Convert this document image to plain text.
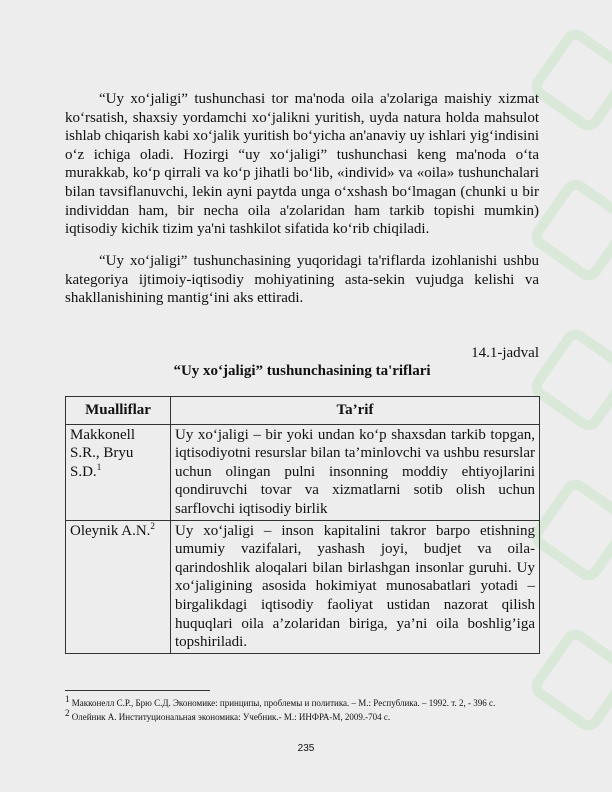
“Uy xo‘jaligi” tushunchasi tor ma'noda oila a'zolariga maishiy xizmat ko‘rsatish, shaxsiy yordamchi xo‘jalikni yuritish, uyda natura holda mahsulot ishlab chiqarish kabi xo‘jalik yuritish bo‘yicha an'anaviy uy ishlari yig‘indisini o‘z ichiga oladi. Hozirgi “uy xo‘jaligi” tushunchasi keng ma'noda o‘ta murakkab, ko‘p qirrali va ko‘p jihatli bo‘lib, «individ» va «oila» tushunchalari bilan tavsiflanuvchi, lekin ayni paytda unga o‘xshash bo‘lmagan (chunki u bir individdan ham, bir necha oila a'zolaridan ham tarkib topishi mumkin) iqtisodiy kichik tizim ya'ni tashkilot sifatida ko‘rib chiqiladi.

“Uy xo‘jaligi” tushunchasining yuqoridagi ta'riflarda izohlanishi ushbu kategoriya ijtimoiy-iqtisodiy mohiyatining asta-sekin vujudga kelishi va shakllanishining mantig‘ini aks ettiradi.

14.1-jadval
“Uy xo‘jaligi” tushunchasining ta'riflari
Mualliflar	Ta’rif
Makkonell S.R., Bryu S.D.$^1$	Uy xo‘jaligi – bir yoki undan ko‘p shaxsdan tarkib topgan, iqtisodiyotni resurslar bilan ta’minlovchi va ushbu resurslar uchun olingan pulni insonning moddiy ehtiyojlarini qondiruvchi tovar va xizmatlarni sotib olish uchun sarflovchi iqtisodiy birlik
Oleynik A.N.$^2$	Uy xo‘jaligi – inson kapitalini takror barpo etishning umumiy vazifalari, yashash joyi, budjet va oila-qarindoshlik aloqalari bilan birlashgan insonlar guruhi. Uy xo‘jaligining asosida hokimiyat munosabatlari yotadi – birgalikdagi iqtisodiy faoliyat ustidan nazorat qilish huquqlari oila a’zolaridan biriga, ya’ni oila boshlig’iga topshiriladi.

$^1$ Макконелл С.Р., Брю С.Д. Экономике: принципы, проблемы и политика. – М.: Республика. – 1992. т. 2, - 396 с.

$^2$ Олейник А. Институциональная экономика: Учебник.- М.: ИНФРА-М, 2009.-704 с.

235
